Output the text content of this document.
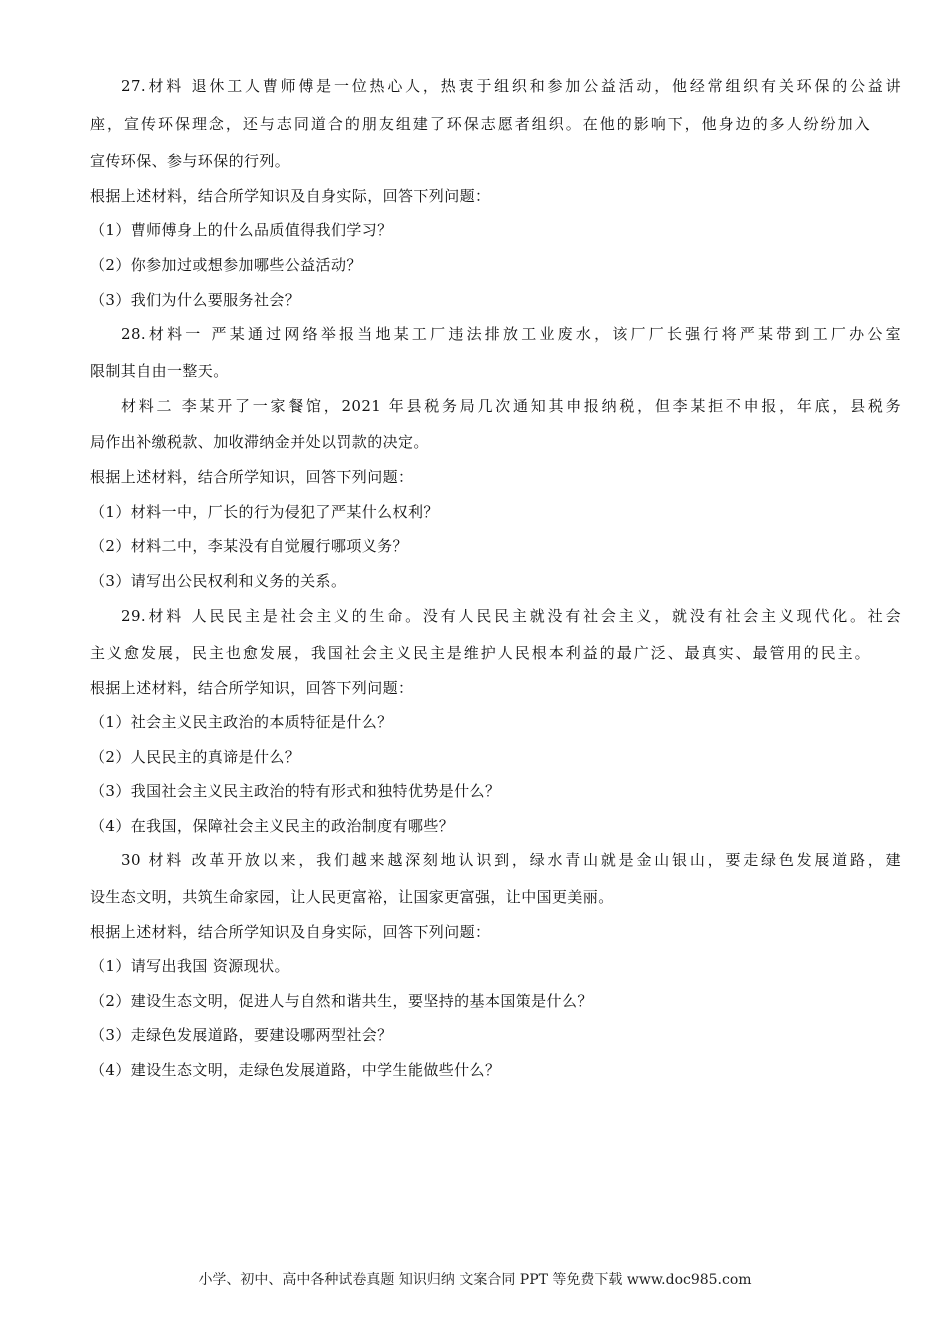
27.材料 退休工人曹师傅是一位热心人，热衷于组织和参加公益活动，他经常组织有关环保的公益讲
座，宣传环保理念，还与志同道合的朋友组建了环保志愿者组织。在他的影响下，他身边的多人纷纷加入
宣传环保、参与环保的行列。
根据上述材料，结合所学知识及自身实际，回答下列问题：
（1）曹师傅身上的什么品质值得我们学习？
（2）你参加过或想参加哪些公益活动？
（3）我们为什么要服务社会？
28.材料一 严某通过网络举报当地某工厂违法排放工业废水，该厂厂长强行将严某带到工厂办公室
限制其自由一整天。
材料二 李某开了一家餐馆，2021 年县税务局几次通知其申报纳税，但李某拒不申报，年底，县税务
局作出补缴税款、加收滞纳金并处以罚款的决定。
根据上述材料，结合所学知识，回答下列问题：
（1）材料一中，厂长的行为侵犯了严某什么权利？
（2）材料二中，李某没有自觉履行哪项义务？
（3）请写出公民权利和义务的关系。
29.材料 人民民主是社会主义的生命。没有人民民主就没有社会主义，就没有社会主义现代化。社会
主义愈发展，民主也愈发展，我国社会主义民主是维护人民根本利益的最广泛、最真实、最管用的民主。
根据上述材料，结合所学知识，回答下列问题：
（1）社会主义民主政治的本质特征是什么？
（2）人民民主的真谛是什么？
（3）我国社会主义民主政治的特有形式和独特优势是什么？
（4）在我国，保障社会主义民主的政治制度有哪些？
30 材料 改革开放以来，我们越来越深刻地认识到，绿水青山就是金山银山，要走绿色发展道路，建
设生态文明，共筑生命家园，让人民更富裕，让国家更富强，让中国更美丽。
根据上述材料，结合所学知识及自身实际，回答下列问题：
（1）请写出我国 资源现状。
（2）建设生态文明，促进人与自然和谐共生，要坚持的基本国策是什么？
（3）走绿色发展道路，要建设哪两型社会？
（4）建设生态文明，走绿色发展道路，中学生能做些什么？
小学、初中、高中各种试卷真题 知识归纳 文案合同 PPT 等免费下载 www.doc985.com
